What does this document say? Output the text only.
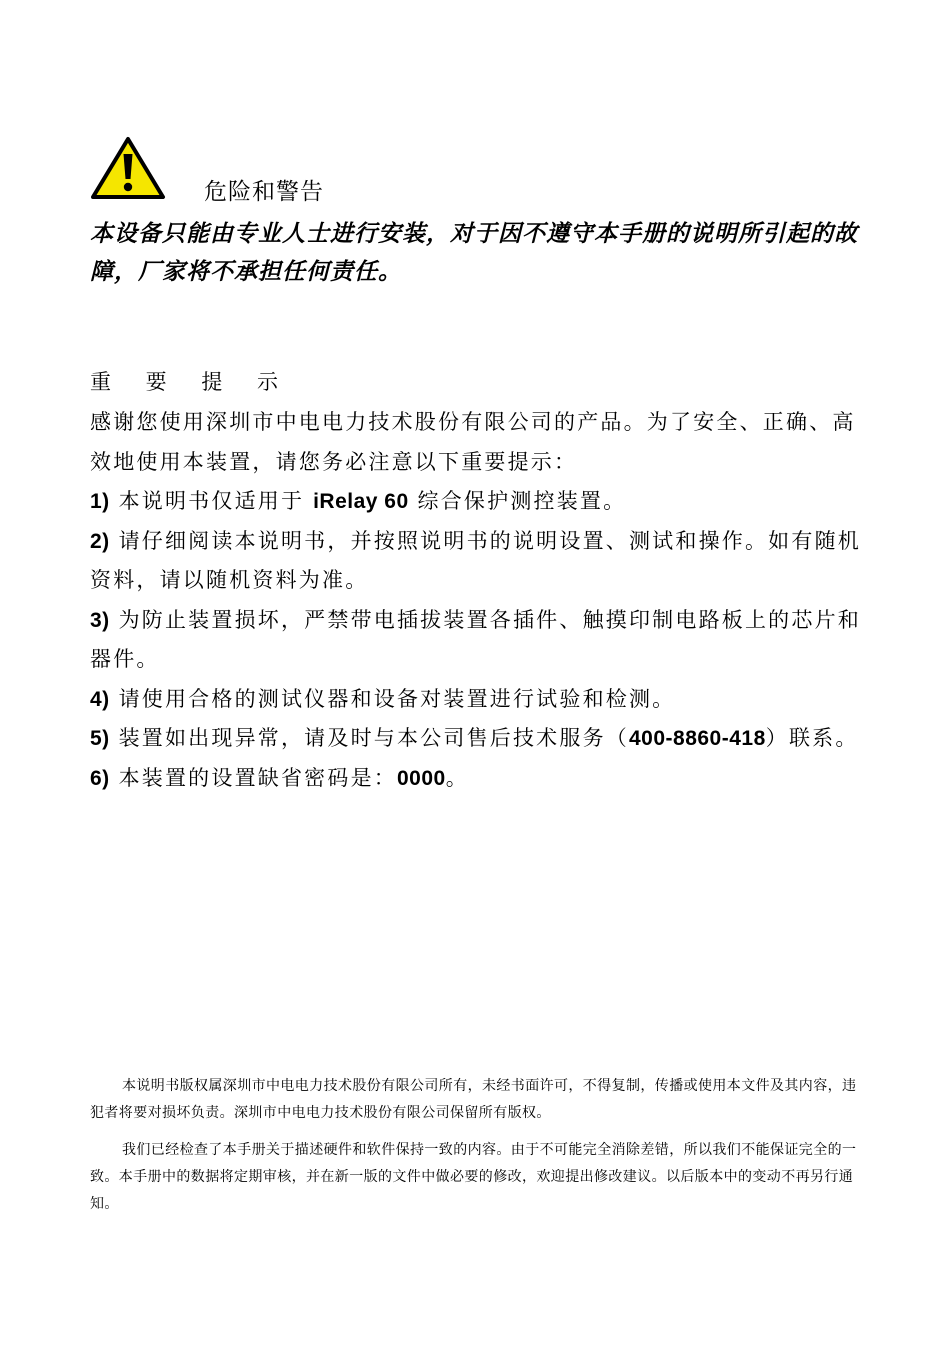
危险和警告
本设备只能由专业人士进行安装，对于因不遵守本手册的说明所引起的故障，厂家将不承担任何责任。
重 要 提 示

感谢您使用深圳市中电电力技术股份有限公司的产品。为了安全、正确、高效地使用本装置，请您务必注意以下重要提示：

1) 本说明书仅适用于 iRelay 60 综合保护测控装置。

2) 请仔细阅读本说明书，并按照说明书的说明设置、测试和操作。如有随机资料，请以随机资料为准。

3) 为防止装置损坏，严禁带电插拔装置各插件、触摸印制电路板上的芯片和器件。

4) 请使用合格的测试仪器和设备对装置进行试验和检测。

5) 装置如出现异常，请及时与本公司售后技术服务（400-8860-418）联系。

6) 本装置的设置缺省密码是：0000。

本说明书版权属深圳市中电电力技术股份有限公司所有，未经书面许可，不得复制，传播或使用本文件及其内容，违犯者将要对损坏负责。深圳市中电电力技术股份有限公司保留所有版权。

我们已经检查了本手册关于描述硬件和软件保持一致的内容。由于不可能完全消除差错，所以我们不能保证完全的一致。本手册中的数据将定期审核，并在新一版的文件中做必要的修改，欢迎提出修改建议。以后版本中的变动不再另行通知。
